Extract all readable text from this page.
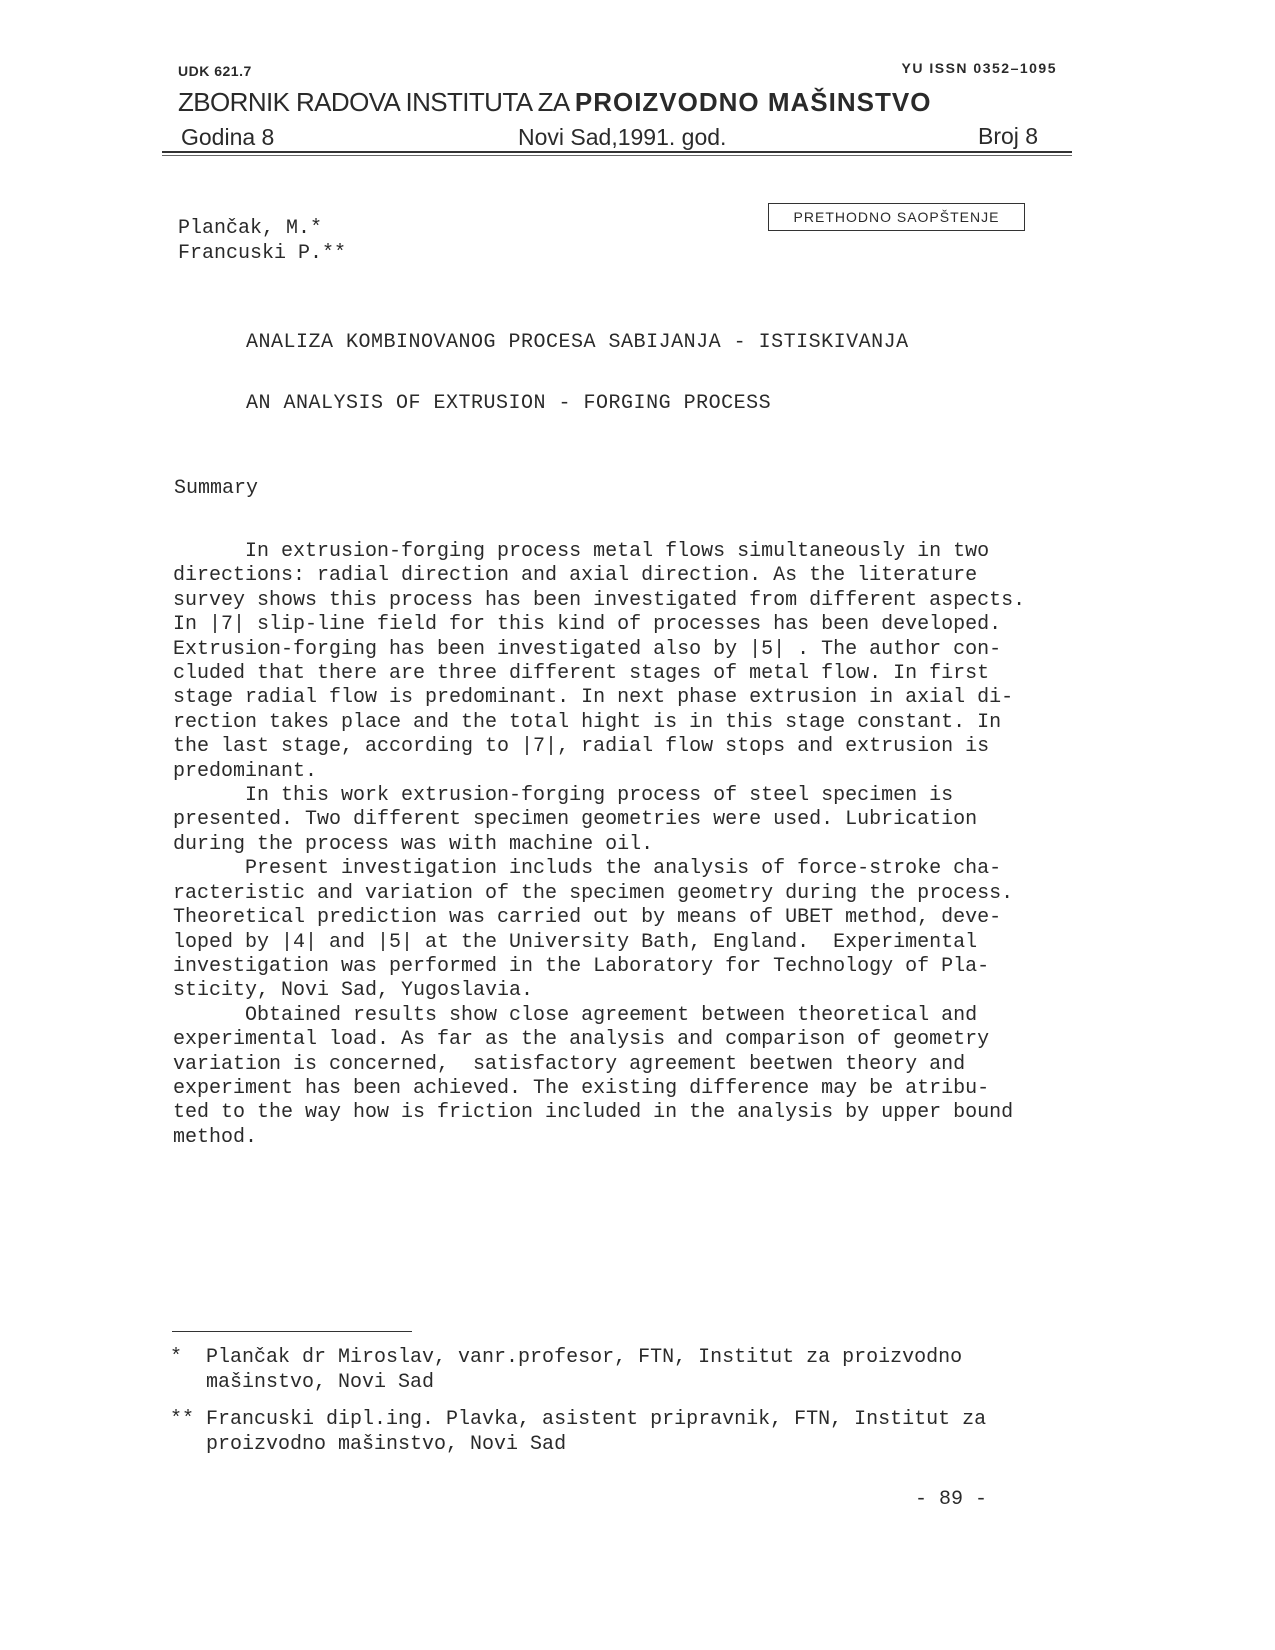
UDK 621.7	YU ISSN 0352–1095
ZBORNIK RADOVA INSTITUTA ZA PROIZVODNO MAŠINSTVO
Godina 8	Novi Sad,1991. god.	Broj 8
Plančak, M.*
Francuski P.**
PRETHODNO SAOPŠTENJE
ANALIZA KOMBINOVANOG PROCESA SABIJANJA - ISTISKIVANJA
AN ANALYSIS OF EXTRUSION - FORGING PROCESS
Summary

In extrusion-forging process metal flows simultaneously in two

directions: radial direction and axial direction. As the literature

survey shows this process has been investigated from different aspects.

In |7| slip-line field for this kind of processes has been developed.

Extrusion-forging has been investigated also by |5| . The author con-

cluded that there are three different stages of metal flow. In first

stage radial flow is predominant. In next phase extrusion in axial di-

rection takes place and the total hight is in this stage constant. In

the last stage, according to |7|, radial flow stops and extrusion is

predominant.

In this work extrusion-forging process of steel specimen is

presented. Two different specimen geometries were used. Lubrication

during the process was with machine oil.

Present investigation includs the analysis of force-stroke cha-

racteristic and variation of the specimen geometry during the process.

Theoretical prediction was carried out by means of UBET method, deve-

loped by |4| and |5| at the University Bath, England.  Experimental

investigation was performed in the Laboratory for Technology of Pla-

sticity, Novi Sad, Yugoslavia.

Obtained results show close agreement between theoretical and

experimental load. As far as the analysis and comparison of geometry

variation is concerned,  satisfactory agreement beetwen theory and

experiment has been achieved. The existing difference may be atribu-

ted to the way how is friction included in the analysis by upper bound

method.

*  Plančak dr Miroslav, vanr.profesor, FTN, Institut za proizvodno
mašinstvo, Novi Sad
** Francuski dipl.ing. Plavka, asistent pripravnik, FTN, Institut za
proizvodno mašinstvo, Novi Sad
- 89 -
